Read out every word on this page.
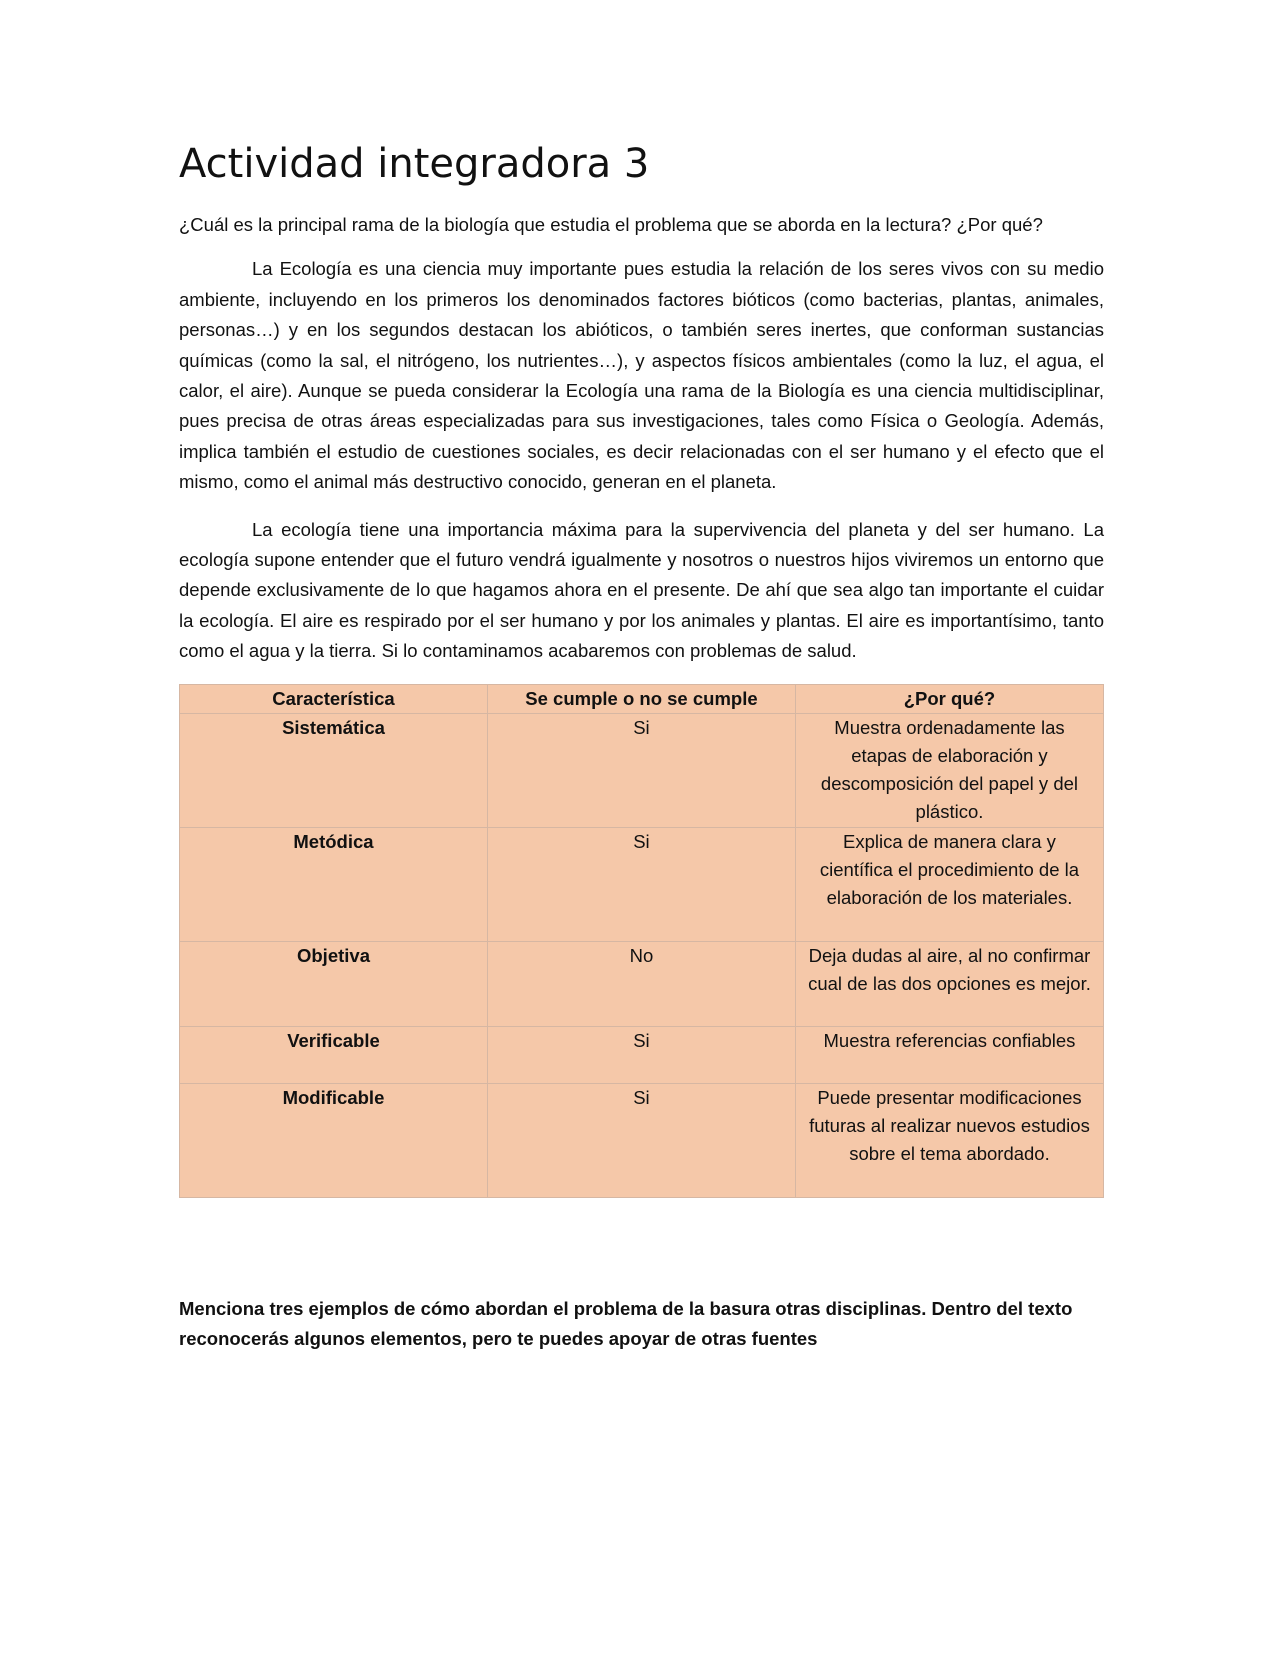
Actividad integradora 3

¿Cuál es la principal rama de la biología que estudia el problema que se aborda en la lectura? ¿Por qué?

La Ecología es una ciencia muy importante pues estudia la relación de los seres vivos con su medio ambiente, incluyendo en los primeros los denominados factores bióticos (como bacterias, plantas, animales, personas…) y en los segundos destacan los abióticos, o también seres inertes, que conforman sustancias químicas (como la sal, el nitrógeno, los nutrientes…), y aspectos físicos ambientales (como la luz, el agua, el calor, el aire). Aunque se pueda considerar la Ecología una rama de la Biología es una ciencia multidisciplinar, pues precisa de otras áreas especializadas para sus investigaciones, tales como Física o Geología. Además, implica también el estudio de cuestiones sociales, es decir relacionadas con el ser humano y el efecto que el mismo, como el animal más destructivo conocido, generan en el planeta.

La ecología tiene una importancia máxima para la supervivencia del planeta y del ser humano. La ecología supone entender que el futuro vendrá igualmente y nosotros o nuestros hijos viviremos un entorno que depende exclusivamente de lo que hagamos ahora en el presente. De ahí que sea algo tan importante el cuidar la ecología. El aire es respirado por el ser humano y por los animales y plantas. El aire es importantísimo, tanto como el agua y la tierra. Si lo contaminamos acabaremos con problemas de salud.

Característica	Se cumple o no se cumple	¿Por qué?
Sistemática	Si	Muestra ordenadamente las etapas de elaboración y descomposición del papel y del plástico.
Metódica	Si	Explica de manera clara y científica el procedimiento de la elaboración de los materiales.
Objetiva	No	Deja dudas al aire, al no confirmar cual de las dos opciones es mejor.
Verificable	Si	Muestra referencias confiables
Modificable	Si	Puede presentar modificaciones futuras al realizar nuevos estudios sobre el tema abordado.

Menciona tres ejemplos de cómo abordan el problema de la basura otras disciplinas. Dentro del texto reconocerás algunos elementos, pero te puedes apoyar de otras fuentes
